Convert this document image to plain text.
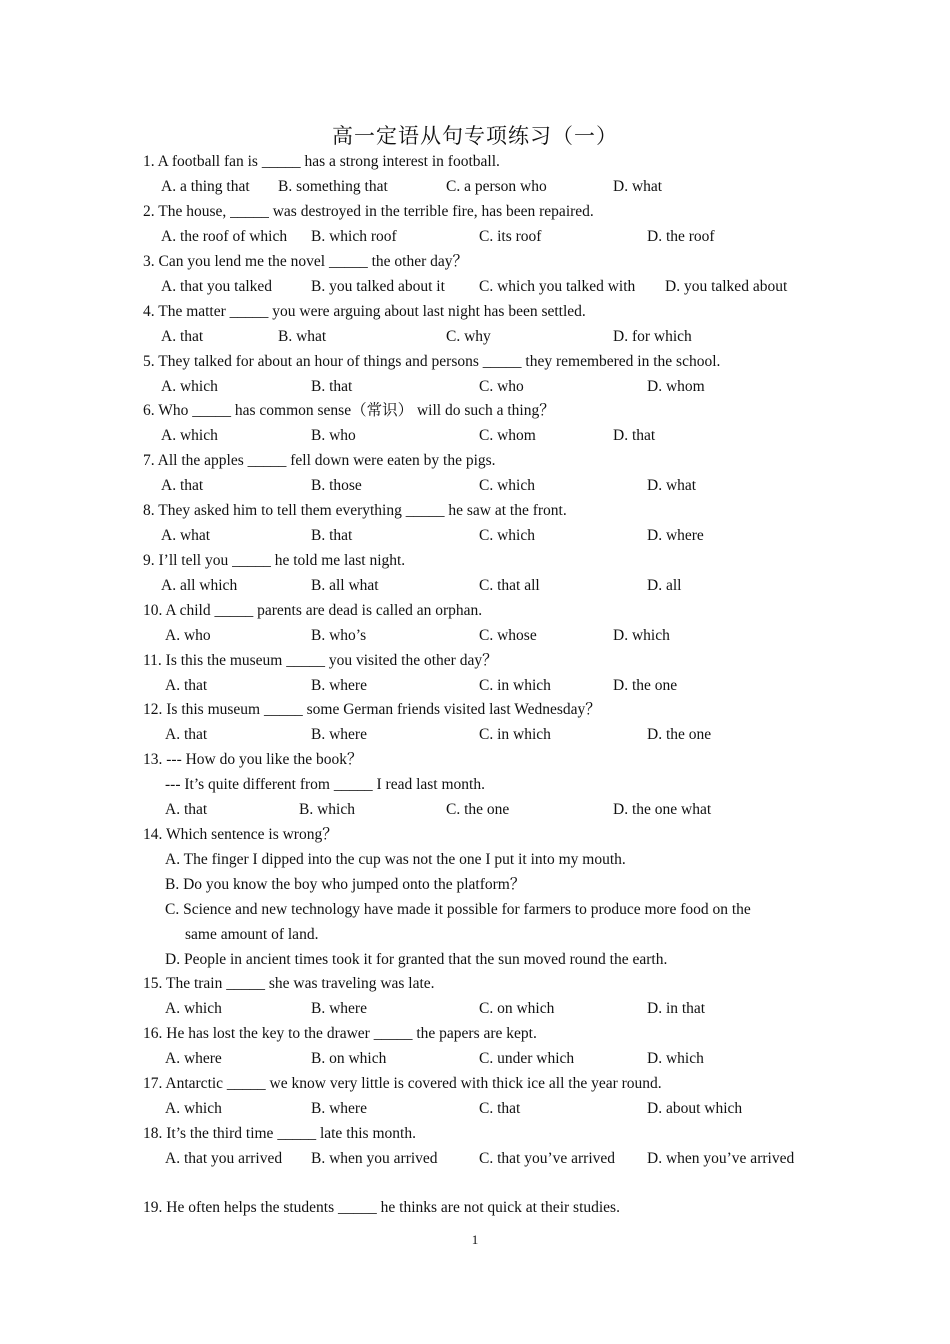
高一定语从句专项练习（一）
1. A football fan is _____ has a strong interest in football.
A. a thing that B. something that	C. a person who	D. what
2. The house, _____ was destroyed in the terrible fire, has been repaired.
A. the roof of which B. which roof	C. its roof	D. the roof
3. Can you lend me the novel _____ the other day？
A. that you talked	B. you talked about it C. which you talked with D. you talked about
4. The matter _____ you were arguing about last night has been settled.
A. that	B. what	C. why	D. for which
5. They talked for about an hour of things and persons _____ they remembered in the school.
A. which	B. that	C. who	D. whom
6. Who _____ has common sense（常识） will do such a thing？
A. which	B. who	C. whom	D. that
7. All the apples _____ fell down were eaten by the pigs.
A. that	B. those	C. which	D. what
8. They asked him to tell them everything _____ he saw at the front.
A. what	B. that	C. which	D. where
9. I’ll tell you _____ he told me last night.
A. all which	B. all what	C. that all	D. all
10. A child _____ parents are dead is called an orphan.
A. who	B. who’s	C. whose	D. which
11. Is this the museum _____ you visited the other day？
A. that	B. where	C. in which	D. the one
12. Is this museum _____ some German friends visited last Wednesday？
A. that	B. where	C. in which	D. the one
13. --- How do you like the book？
--- It’s quite different from _____ I read last month.
A. that	B. which	C. the one	D. the one what
14. Which sentence is wrong？
A. The finger I dipped into the cup was not the one I put it into my mouth.
B. Do you know the boy who jumped onto the platform？
C. Science and new technology have made it possible for farmers to produce more food on the
same amount of land.
D. People in ancient times took it for granted that the sun moved round the earth.
15. The train _____ she was traveling was late.
A. which	B. where	C. on which	D. in that
16. He has lost the key to the drawer _____ the papers are kept.
A. where	B. on which	C. under which	D. which
17. Antarctic _____ we know very little is covered with thick ice all the year round.
A. which	B. where	C. that	D. about which
18. It’s the third time _____ late this month.
A. that you arrived B. when you arrived	C. that you’ve arrived D. when you’ve arrived
19. He often helps the students _____ he thinks are not quick at their studies.
1
